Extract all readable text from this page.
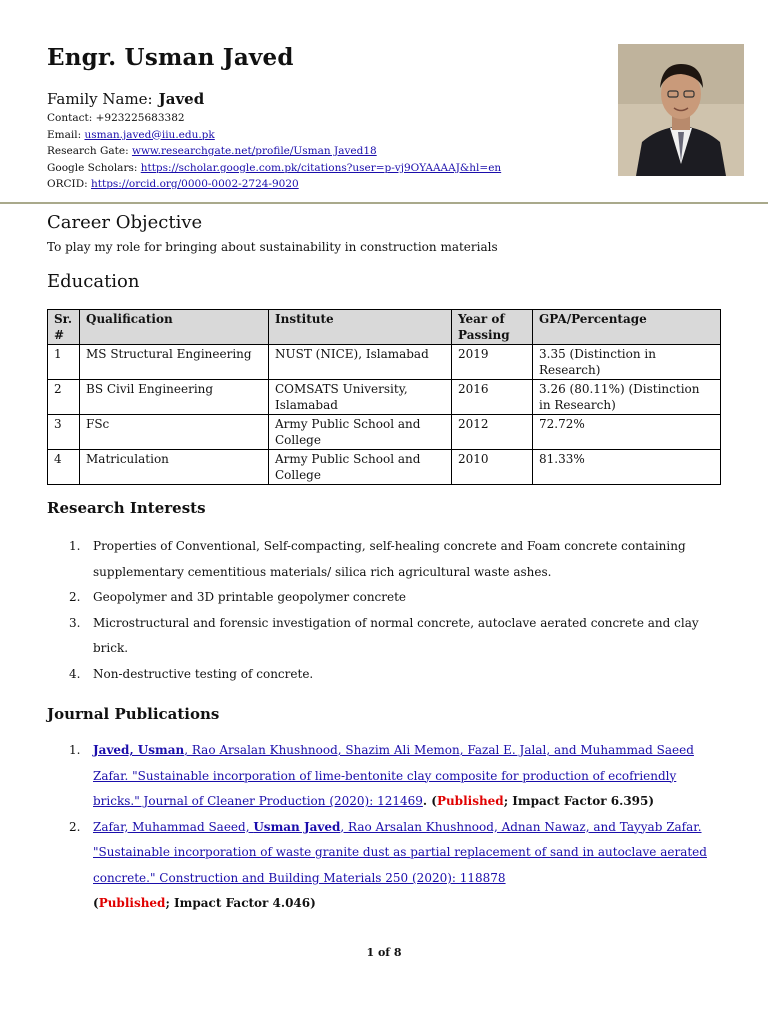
Engr. Usman Javed
Family Name: Javed
Contact: +923225683382
Email: usman.javed@iiu.edu.pk
Research Gate: www.researchgate.net/profile/Usman Javed18
Google Scholars: https://scholar.google.com.pk/citations?user=p-vj9OYAAAAJ&hl=en
ORCID: https://orcid.org/0000-0002-2724-9020
Career Objective
To play my role for bringing about sustainability in construction materials
Education
Sr. #	Qualification	Institute	Year of Passing	GPA/Percentage
1	MS Structural Engineering	NUST (NICE), Islamabad	2019	3.35 (Distinction in Research)
2	BS Civil Engineering	COMSATS University, Islamabad	2016	3.26 (80.11%) (Distinction in Research)
3	FSc	Army Public School and College	2012	72.72%
4	Matriculation	Army Public School and College	2010	81.33%
Research Interests
1. Properties of Conventional, Self-compacting, self-healing concrete and Foam concrete containing supplementary cementitious materials/ silica rich agricultural waste ashes.
2. Geopolymer and 3D printable geopolymer concrete
3. Microstructural and forensic investigation of normal concrete, autoclave aerated concrete and clay brick.
4. Non-destructive testing of concrete.
Journal Publications
1. Javed, Usman, Rao Arsalan Khushnood, Shazim Ali Memon, Fazal E. Jalal, and Muhammad Saeed Zafar. "Sustainable incorporation of lime-bentonite clay composite for production of ecofriendly bricks." Journal of Cleaner Production (2020): 121469. (Published; Impact Factor 6.395)
2. Zafar, Muhammad Saeed, Usman Javed, Rao Arsalan Khushnood, Adnan Nawaz, and Tayyab Zafar. "Sustainable incorporation of waste granite dust as partial replacement of sand in autoclave aerated concrete." Construction and Building Materials 250 (2020): 118878
(Published; Impact Factor 4.046)
1 of 8
